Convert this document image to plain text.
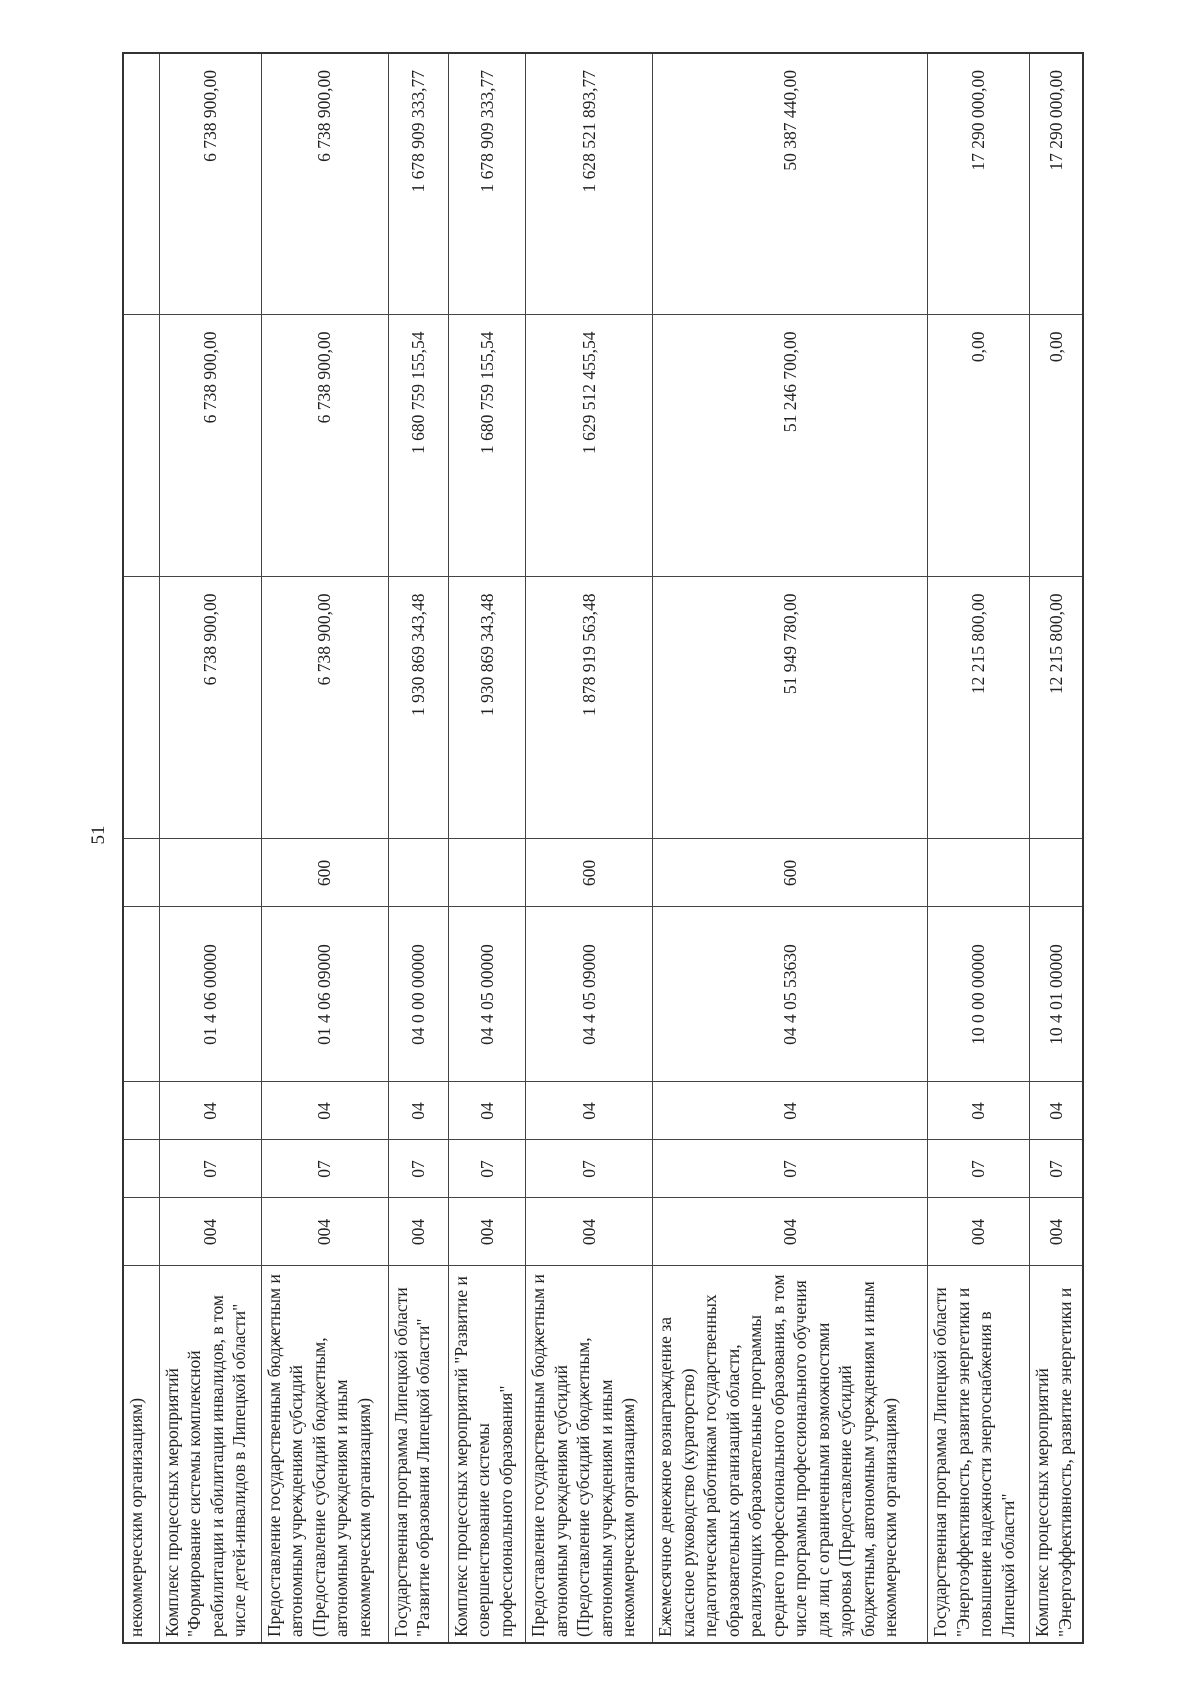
51
некоммерческим организациям)								
Комплекс процессных мероприятий "Формирование системы комплексной реабилитации и абилитации инвалидов, в том числе детей-инвалидов в Липецкой области"	004	07	04	01 4 06 00000		6 738 900,00	6 738 900,00	6 738 900,00
Предоставление государственным бюджетным и автономным учреждениям субсидий (Предоставление субсидий бюджетным, автономным учреждениям и иным некоммерческим организациям)	004	07	04	01 4 06 09000	600	6 738 900,00	6 738 900,00	6 738 900,00
Государственная программа Липецкой области "Развитие образования Липецкой области"	004	07	04	04 0 00 00000		1 930 869 343,48	1 680 759 155,54	1 678 909 333,77
Комплекс процессных мероприятий "Развитие и совершенствование системы профессионального образования"	004	07	04	04 4 05 00000		1 930 869 343,48	1 680 759 155,54	1 678 909 333,77
Предоставление государственным бюджетным и автономным учреждениям субсидий (Предоставление субсидий бюджетным, автономным учреждениям и иным некоммерческим организациям)	004	07	04	04 4 05 09000	600	1 878 919 563,48	1 629 512 455,54	1 628 521 893,77
Ежемесячное денежное вознаграждение за классное руководство (кураторство) педагогическим работникам государственных образовательных организаций области, реализующих образовательные программы среднего профессионального образования, в том числе программы профессионального обучения для лиц с ограниченными возможностями здоровья (Предоставление субсидий бюджетным, автономным учреждениям и иным некоммерческим организациям)	004	07	04	04 4 05 53630	600	51 949 780,00	51 246 700,00	50 387 440,00
Государственная программа Липецкой области "Энергоэффективность, развитие энергетики и повышение надежности энергоснабжения в Липецкой области"	004	07	04	10 0 00 00000		12 215 800,00	0,00	17 290 000,00
Комплекс процессных мероприятий "Энергоэффективность, развитие энергетики и	004	07	04	10 4 01 00000		12 215 800,00	0,00	17 290 000,00
